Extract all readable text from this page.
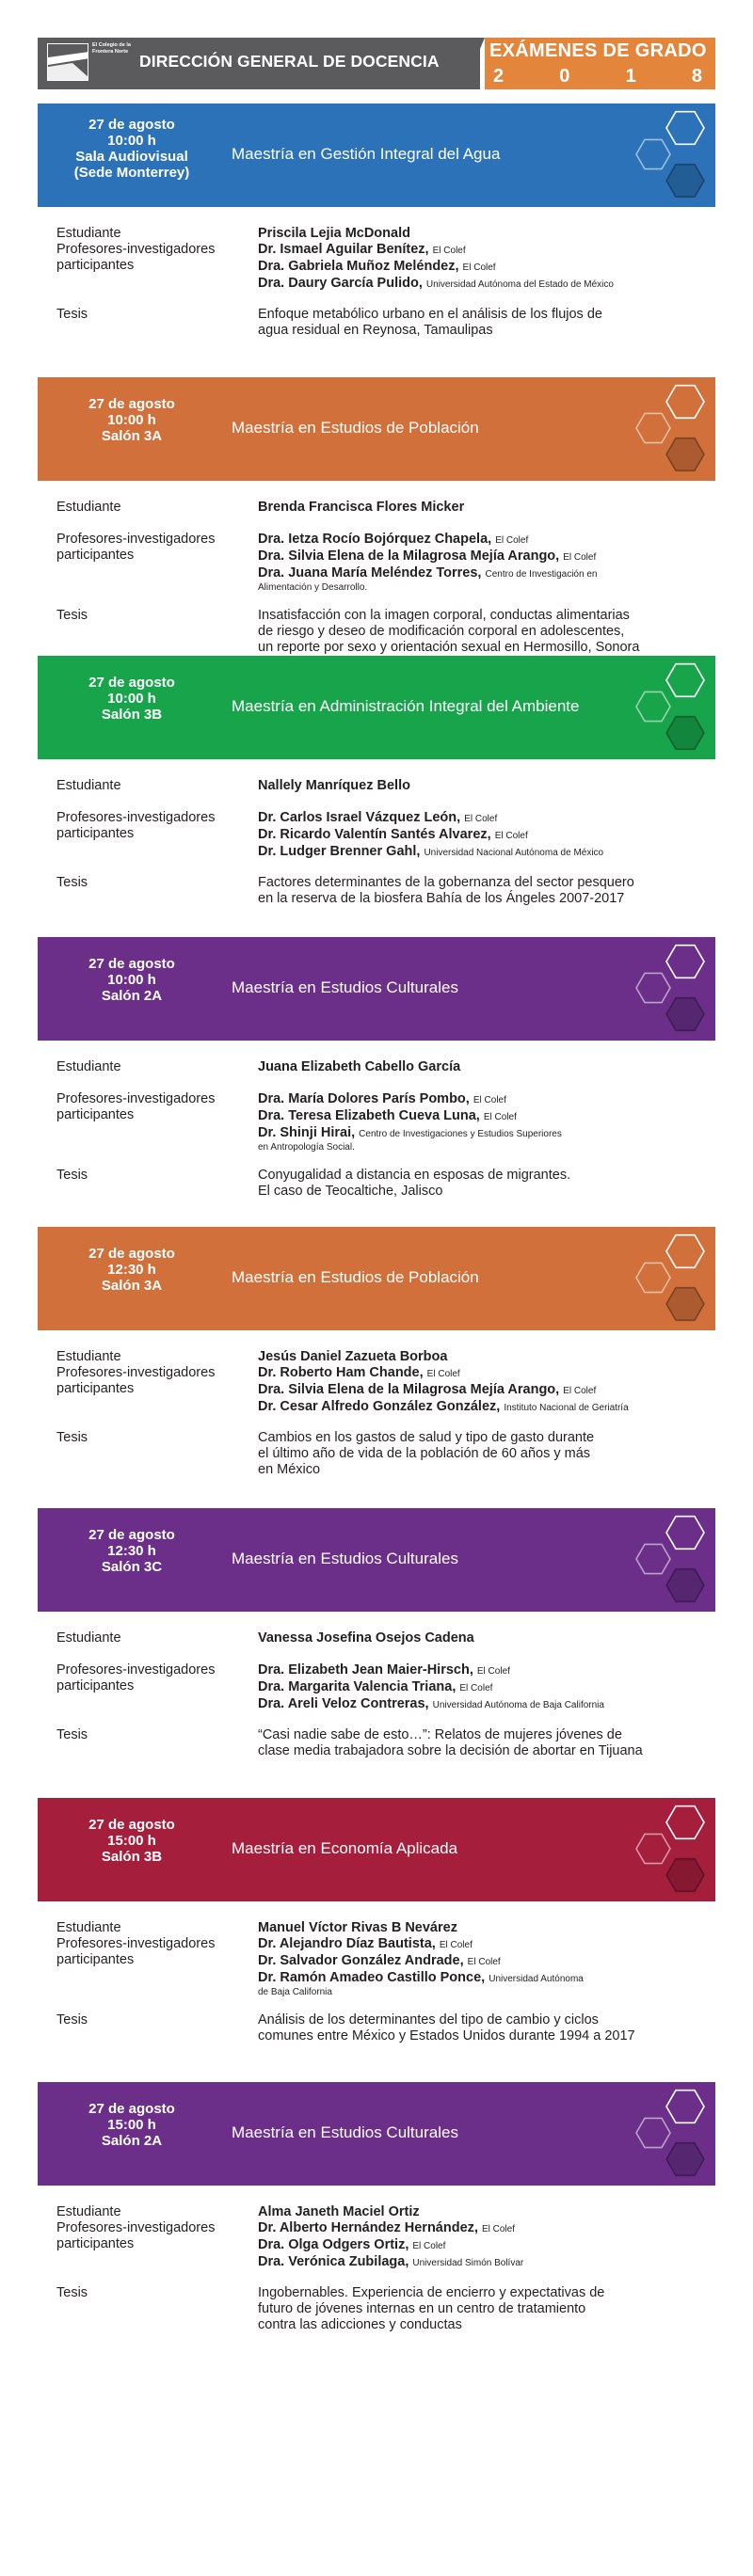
El Colegio de la Frontera Norte DIRECCIÓN GENERAL DE DOCENCIA	EXÁMENES DE GRADO
2	0	1	8
27 de agosto
10:00 h
Sala Audiovisual
(Sede Monterrey)
Maestría en Gestión Integral del Agua
Estudiante	Priscila Lejia McDonald
Profesores-investigadores participantes
Dr. Ismael Aguilar Benítez, El Colef
Dra. Gabriela Muñoz Meléndez, El Colef
Dra. Daury García Pulido, Universidad Autónoma del Estado de México
Tesis	Enfoque metabólico urbano en el análisis de los flujos de
agua residual en Reynosa, Tamaulipas
27 de agosto
10:00 h
Salón 3A	Maestría en Estudios de Población
Estudiante	Brenda Francisca Flores Micker
Profesores-investigadores participantes
Dra. Ietza Rocío Bojórquez Chapela, El Colef
Dra. Silvia Elena de la Milagrosa Mejía Arango, El Colef
Dra. Juana María Meléndez Torres, Centro de Investigación en
Alimentación y Desarrollo.
Tesis	Insatisfacción con la imagen corporal, conductas alimentarias
de riesgo y deseo de modificación corporal en adolescentes,
un reporte por sexo y orientación sexual en Hermosillo, Sonora
27 de agosto
10:00 h
Salón 3B	Maestría en Administración Integral del Ambiente
Estudiante	Nallely Manríquez Bello
Profesores-investigadores participantes
Dr. Carlos Israel Vázquez León, El Colef
Dr. Ricardo Valentín Santés Alvarez, El Colef
Dr. Ludger Brenner Gahl, Universidad Nacional Autónoma de México
Tesis	Factores determinantes de la gobernanza del sector pesquero
en la reserva de la biosfera Bahía de los Ángeles 2007-2017
27 de agosto
10:00 h
Salón 2A	Maestría en Estudios Culturales
Estudiante	Juana Elizabeth Cabello García
Profesores-investigadores participantes
Dra. María Dolores París Pombo, El Colef
Dra. Teresa Elizabeth Cueva Luna, El Colef
Dr. Shinji Hirai, Centro de Investigaciones y Estudios Superiores
en Antropología Social.
Tesis	Conyugalidad a distancia en esposas de migrantes.
El caso de Teocaltiche, Jalisco
27 de agosto
12:30 h
Salón 3A	Maestría en Estudios de Población
Estudiante	Jesús Daniel Zazueta Borboa
Profesores-investigadores participantes
Dr. Roberto Ham Chande, El Colef
Dra. Silvia Elena de la Milagrosa Mejía Arango, El Colef
Dr. Cesar Alfredo González González, Instituto Nacional de Geriatría
Tesis	Cambios en los gastos de salud y tipo de gasto durante
el último año de vida de la población de 60 años y más
en México
27 de agosto
12:30 h
Salón 3C	Maestría en Estudios Culturales
Estudiante	Vanessa Josefina Osejos Cadena
Profesores-investigadores participantes
Dra. Elizabeth Jean Maier-Hirsch, El Colef
Dra. Margarita Valencia Triana, El Colef
Dra. Areli Veloz Contreras, Universidad Autónoma de Baja California
Tesis	“Casi nadie sabe de esto…”: Relatos de mujeres jóvenes de
clase media trabajadora sobre la decisión de abortar en Tijuana
27 de agosto
15:00 h
Salón 3B	Maestría en Economía Aplicada
Estudiante	Manuel Víctor Rivas B Nevárez
Profesores-investigadores participantes
Dr. Alejandro Díaz Bautista, El Colef
Dr. Salvador González Andrade, El Colef
Dr. Ramón Amadeo Castillo Ponce, Universidad Autónoma
de Baja California
Tesis	Análisis de los determinantes del tipo de cambio y ciclos
comunes entre México y Estados Unidos durante 1994 a 2017
27 de agosto
15:00 h
Salón 2A	Maestría en Estudios Culturales
Estudiante	Alma Janeth Maciel Ortiz
Profesores-investigadores participantes
Dr. Alberto Hernández Hernández, El Colef
Dra. Olga Odgers Ortiz, El Colef
Dra. Verónica Zubilaga, Universidad Simón Bolívar
Tesis	Ingobernables. Experiencia de encierro y expectativas de
futuro de jóvenes internas en un centro de tratamiento
contra las adicciones y conductas
